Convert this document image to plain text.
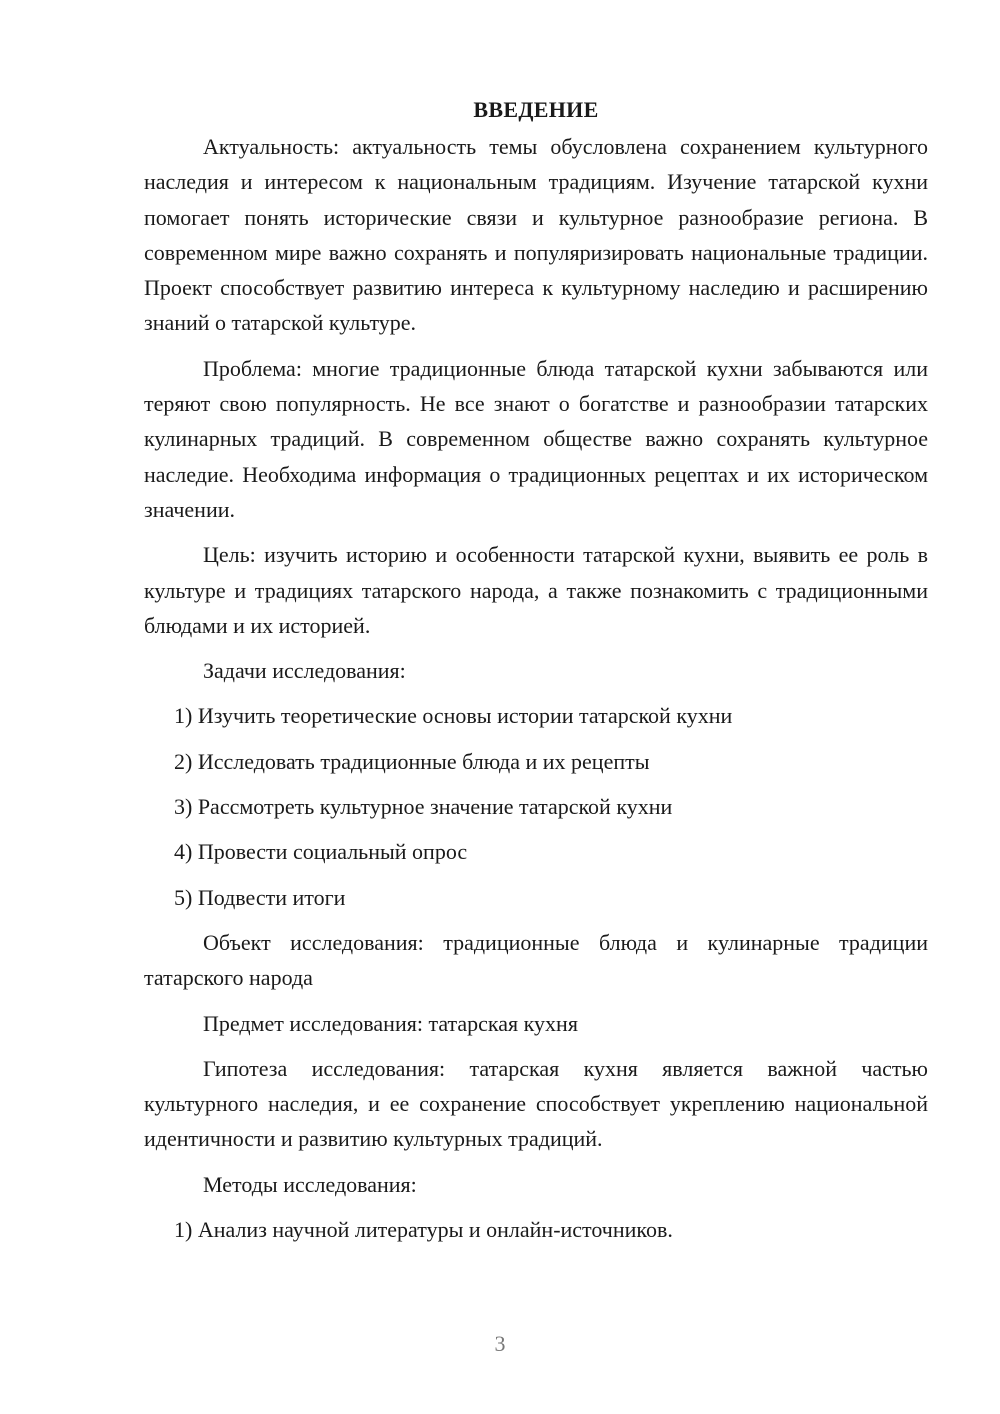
ВВЕДЕНИЕ

Актуальность: актуальность темы обусловлена сохранением культурного наследия и интересом к национальным традициям. Изучение татарской кухни помогает понять исторические связи и культурное разнообразие региона. В современном мире важно сохранять и популяризировать национальные традиции. Проект способствует развитию интереса к культурному наследию и расширению знаний о татарской культуре.

Проблема: многие традиционные блюда татарской кухни забываются или теряют свою популярность. Не все знают о богатстве и разнообразии татарских кулинарных традиций. В современном обществе важно сохранять культурное наследие. Необходима информация о традиционных рецептах и их историческом значении.

Цель: изучить историю и особенности татарской кухни, выявить ее роль в культуре и традициях татарского народа, а также познакомить с традиционными блюдами и их историей.

Задачи исследования:
1) Изучить теоретические основы истории татарской кухни
2) Исследовать традиционные блюда и их рецепты
3) Рассмотреть культурное значение татарской кухни
4) Провести социальный опрос
5) Подвести итоги

Объект исследования: традиционные блюда и кулинарные традиции татарского народа

Предмет исследования: татарская кухня

Гипотеза исследования: татарская кухня является важной частью культурного наследия, и ее сохранение способствует укреплению национальной идентичности и развитию культурных традиций.

Методы исследования:
1) Анализ научной литературы и онлайн-источников.
3
